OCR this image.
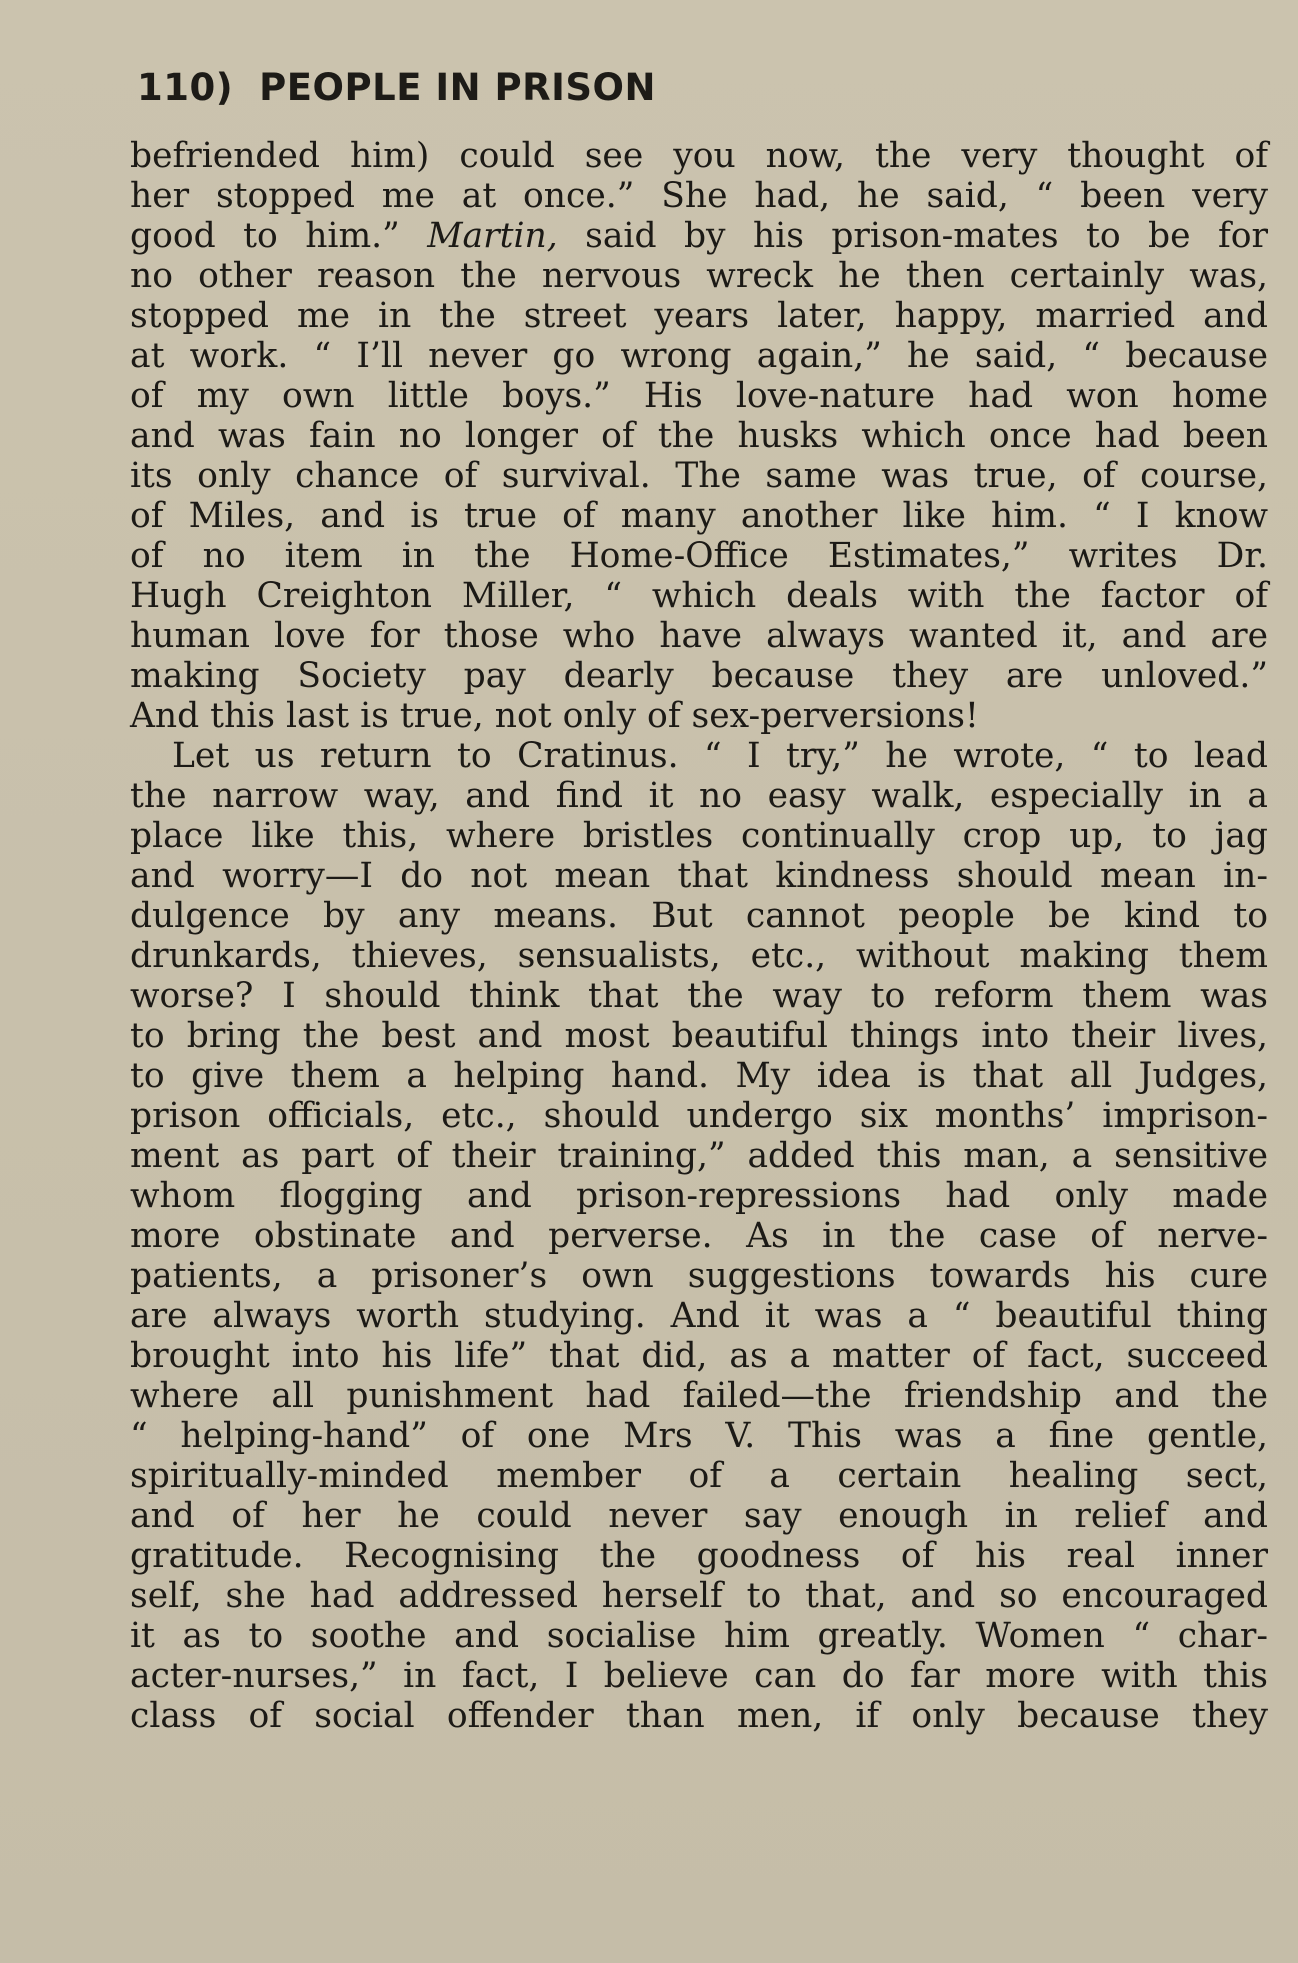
110) PEOPLE IN PRISON
befriended him) could see you now, the very thought of
her stopped me at once.” She had, he said, “ been very
good to him.” Martin, said by his prison-mates to be for
no other reason the nervous wreck he then certainly was,
stopped me in the street years later, happy, married and
at work. “ I’ll never go wrong again,” he said, “ because
of my own little boys.” His love-nature had won home
and was fain no longer of the husks which once had been
its only chance of survival. The same was true, of course,
of Miles, and is true of many another like him. “ I know
of no item in the Home-Office Estimates,” writes Dr.
Hugh Creighton Miller, “ which deals with the factor of
human love for those who have always wanted it, and are
making Society pay dearly because they are unloved.”
And this last is true, not only of sex-perversions!
Let us return to Cratinus. “ I try,” he wrote, “ to lead
the narrow way, and find it no easy walk, especially in a
place like this, where bristles continually crop up, to jag
and worry—I do not mean that kindness should mean in-
dulgence by any means. But cannot people be kind to
drunkards, thieves, sensualists, etc., without making them
worse? I should think that the way to reform them was
to bring the best and most beautiful things into their lives,
to give them a helping hand. My idea is that all Judges,
prison officials, etc., should undergo six months’ imprison-
ment as part of their training,” added this man, a sensitive
whom flogging and prison-repressions had only made
more obstinate and perverse. As in the case of nerve-
patients, a prisoner’s own suggestions towards his cure
are always worth studying. And it was a “ beautiful thing
brought into his life” that did, as a matter of fact, succeed
where all punishment had failed—the friendship and the
“ helping-hand” of one Mrs V. This was a fine gentle,
spiritually-minded member of a certain healing sect,
and of her he could never say enough in relief and
gratitude. Recognising the goodness of his real inner
self, she had addressed herself to that, and so encouraged
it as to soothe and socialise him greatly. Women “ char-
acter-nurses,” in fact, I believe can do far more with this
class of social offender than men, if only because they
